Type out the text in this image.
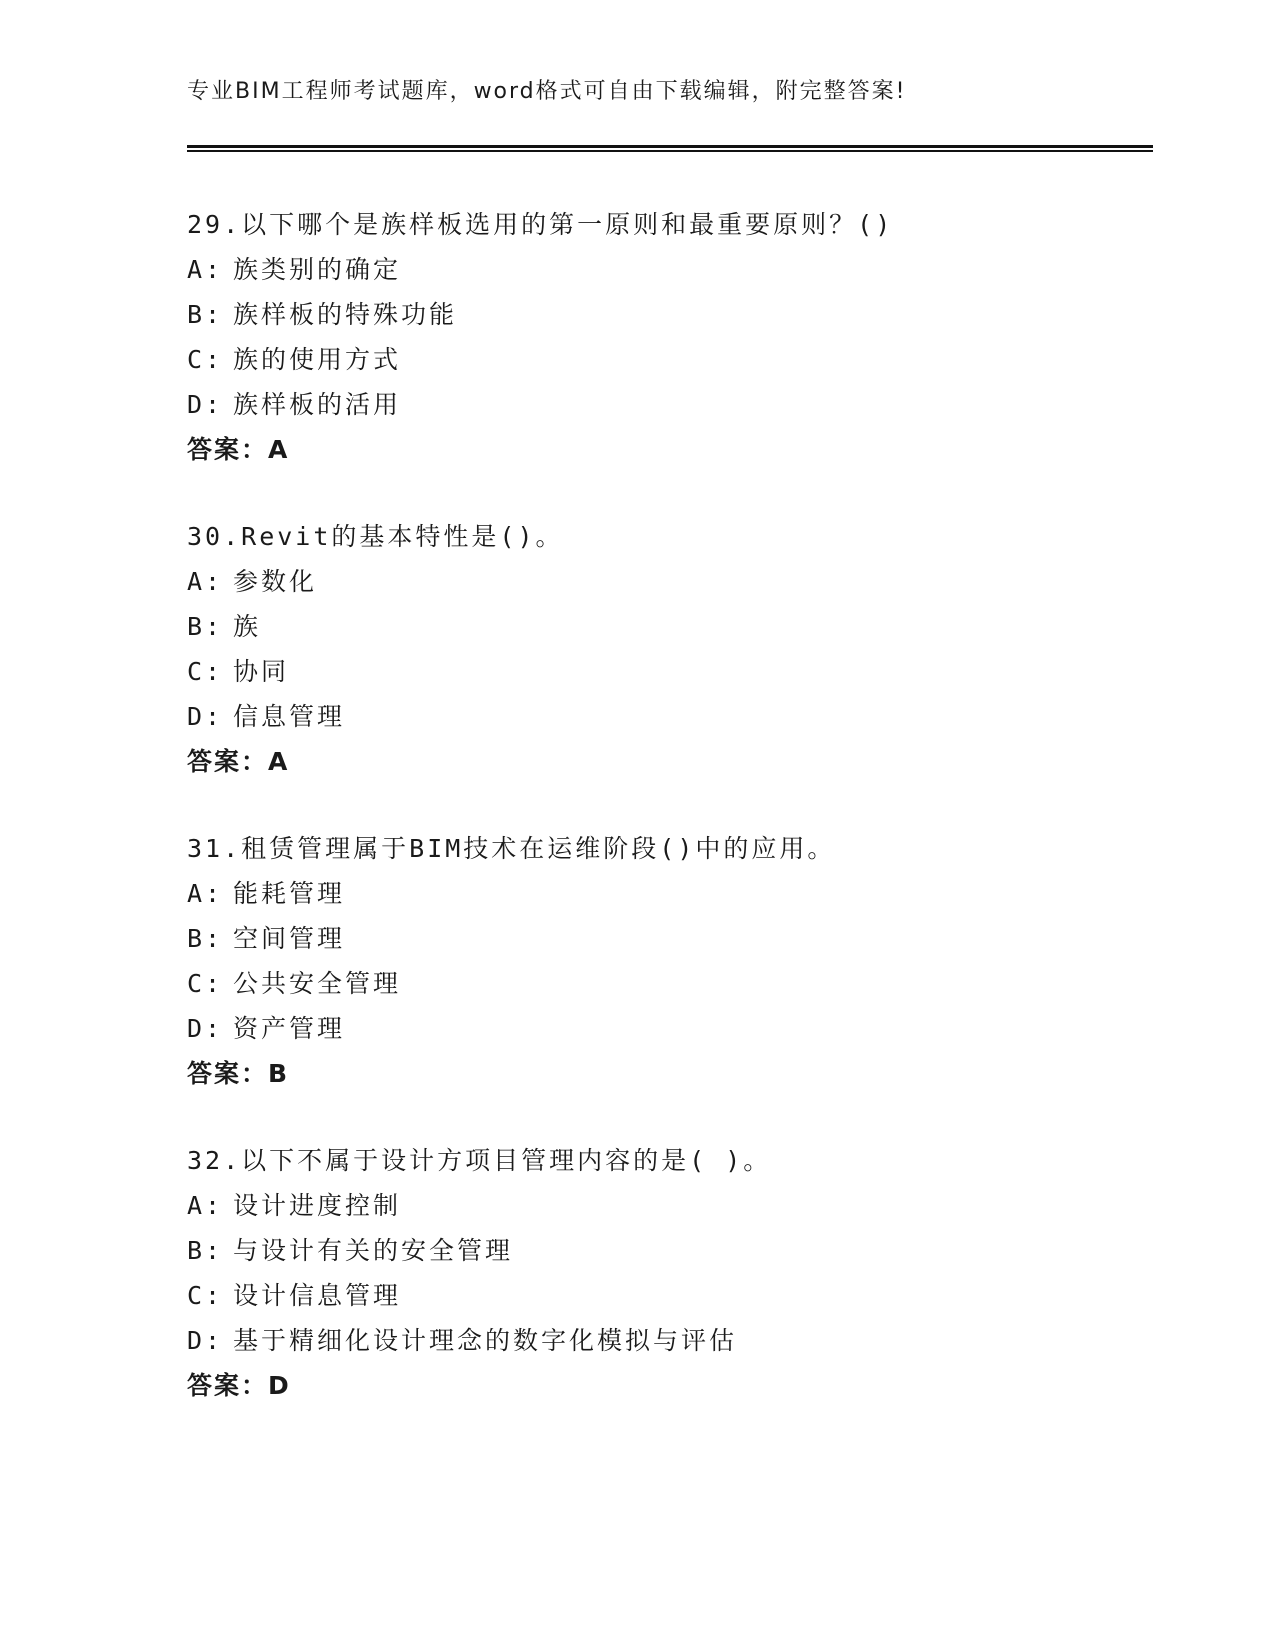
专业BIM工程师考试题库，word格式可自由下载编辑，附完整答案!
29.以下哪个是族样板选用的第一原则和最重要原则？()
A: 族类别的确定
B: 族样板的特殊功能
C: 族的使用方式
D: 族样板的活用
答案：A
30.Revit的基本特性是()。
A: 参数化
B: 族
C: 协同
D: 信息管理
答案：A
31.租赁管理属于BIM技术在运维阶段()中的应用。
A: 能耗管理
B: 空间管理
C: 公共安全管理
D: 资产管理
答案：B
32.以下不属于设计方项目管理内容的是( )。
A: 设计进度控制
B: 与设计有关的安全管理
C: 设计信息管理
D: 基于精细化设计理念的数字化模拟与评估
答案：D
